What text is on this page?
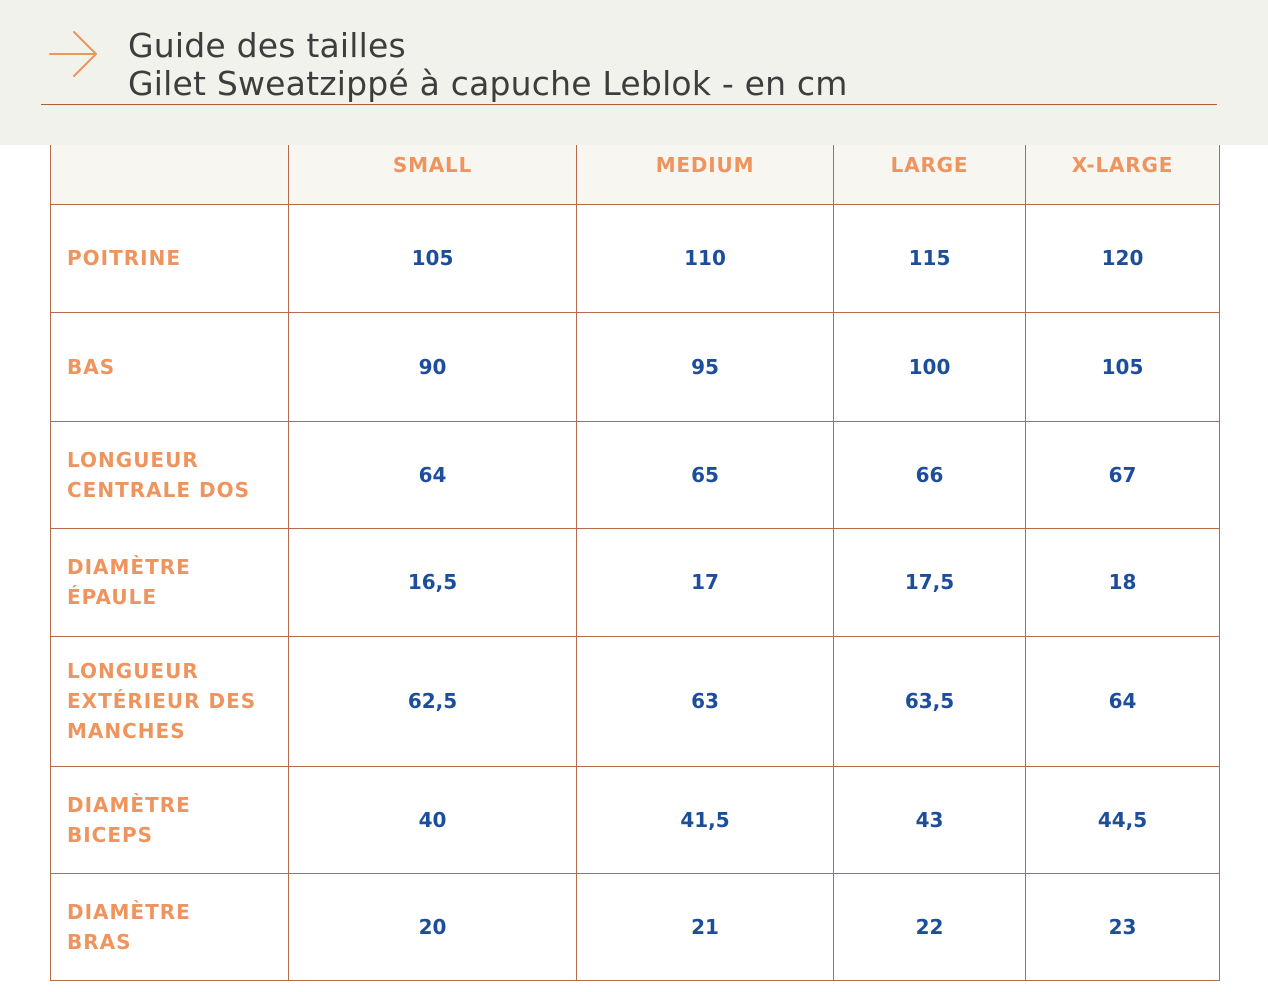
Guide des tailles
Gilet Sweatzippé à capuche Leblok - en cm
	SMALL	MEDIUM	LARGE	X-LARGE

POITRINE	105	110	115	120

BAS	90	95	100	105

LONGUEUR
CENTRALE DOS	64	65	66	67

DIAMÈTRE
ÉPAULE	16,5	17	17,5	18

LONGUEUR
EXTÉRIEUR DES
MANCHES	62,5	63	63,5	64

DIAMÈTRE
BICEPS	40	41,5	43	44,5

DIAMÈTRE
BRAS	20	21	22	23
